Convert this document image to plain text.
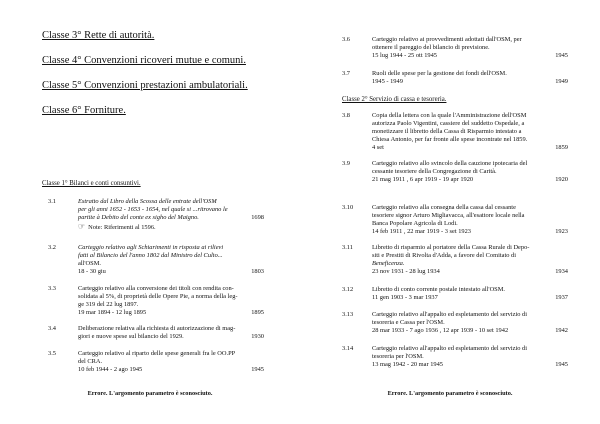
Classe 3° Rette di autorità.
Classe 4° Convenzioni ricoveri mutue e comuni.
Classe 5° Convenzioni prestazioni ambulatoriali.
Classe 6° Forniture.
Classe 1° Bilanci e conti consuntivi.
3.1	Estratto dal Libro della Scossa delle entrate dell'OSM
per gli anni 1652 - 1653 - 1654, nel quale si ...ritrovano le
partite à Debito del conte ex sigho del Maigno.
☞ Note: Riferimenti al 1596.
1698
3.2	Carteggio relativo agli Schiarimenti in risposta ai rilievi
fatti al Bilancio del l'anno 1802 dal Ministro del Culto...
all'OSM.
18 - 30 giu	1803
3.3	Carteggio relativo alla conversione dei titoli con rendita con-
solidata al 5%, di proprietà delle Opere Pie, a norma della leg-
ge 319 del 22 lug 1897.
19 mar 1894 - 12 lug 1895	1895
3.4	Deliberazione relativa alla richiesta di autorizzazione di mag-
giori e nuove spese sul bilancio del 1929.	1930
3.5	Carteggio relativo al riparto delle spese generali fra le OO.PP
del CRA.
10 feb 1944 - 2 ago 1945	1945
Errore. L'argomento parametro è sconosciuto.
3.6	Carteggio relativo ai provvedimenti adottati dall'OSM, per
ottenere il pareggio del bilancio di previsione.
15 lug 1944 - 25 ott 1945	1945
3.7	Ruoli delle spese per la gestione dei fondi dell'OSM.
1945 - 1949	1949
Classe 2° Servizio di cassa e tesoreria.
3.8	Copia della lettera con la quale l'Amministrazione dell'OSM
autorizza Paolo Vigentini, cassiere del suddetto Ospedale, a
monetizzare il libretto della Cassa di Risparmio intestato a
Chiesa Antonio, per far fronte alle spese incontrate nel 1859.
4 set	1859
3.9	Carteggio relativo allo svincolo della cauzione ipotecaria del
cessante tesoriere della Congregazione di Carità.
21 mag 1911 , 6 apr 1919 - 19 apr 1920	1920
3.10	Carteggio relativo alla consegna della cassa dal cessante
tesoriere signor Arturo Migliavacca, all'esattore locale nella
Banca Popolare Agricola di Lodi.
14 feb 1911 , 22 mar 1919 - 3 set 1923	1923
3.11	Libretto di risparmio al portatore della Cassa Rurale di Depo-
siti e Prestiti di Rivolta d'Adda, a favore del Comitato di
Beneficenza.
23 nov 1931 - 28 lug 1934	1934
3.12	Libretto di conto corrente postale intestato all'OSM.
11 gen 1903 - 3 mar 1937	1937
3.13	Carteggio relativo all'appalto ed espletamento del servizio di
tesoreria e Cassa per l'OSM.
28 mar 1933 - 7 ago 1936 , 12 apr 1939 - 10 set 1942	1942
3.14	Carteggio relativo all'appalto ed espletamento del servizio di
tesoreria per l'OSM.
13 mag 1942 - 20 mar 1945	1945
Errore. L'argomento parametro è sconosciuto.
